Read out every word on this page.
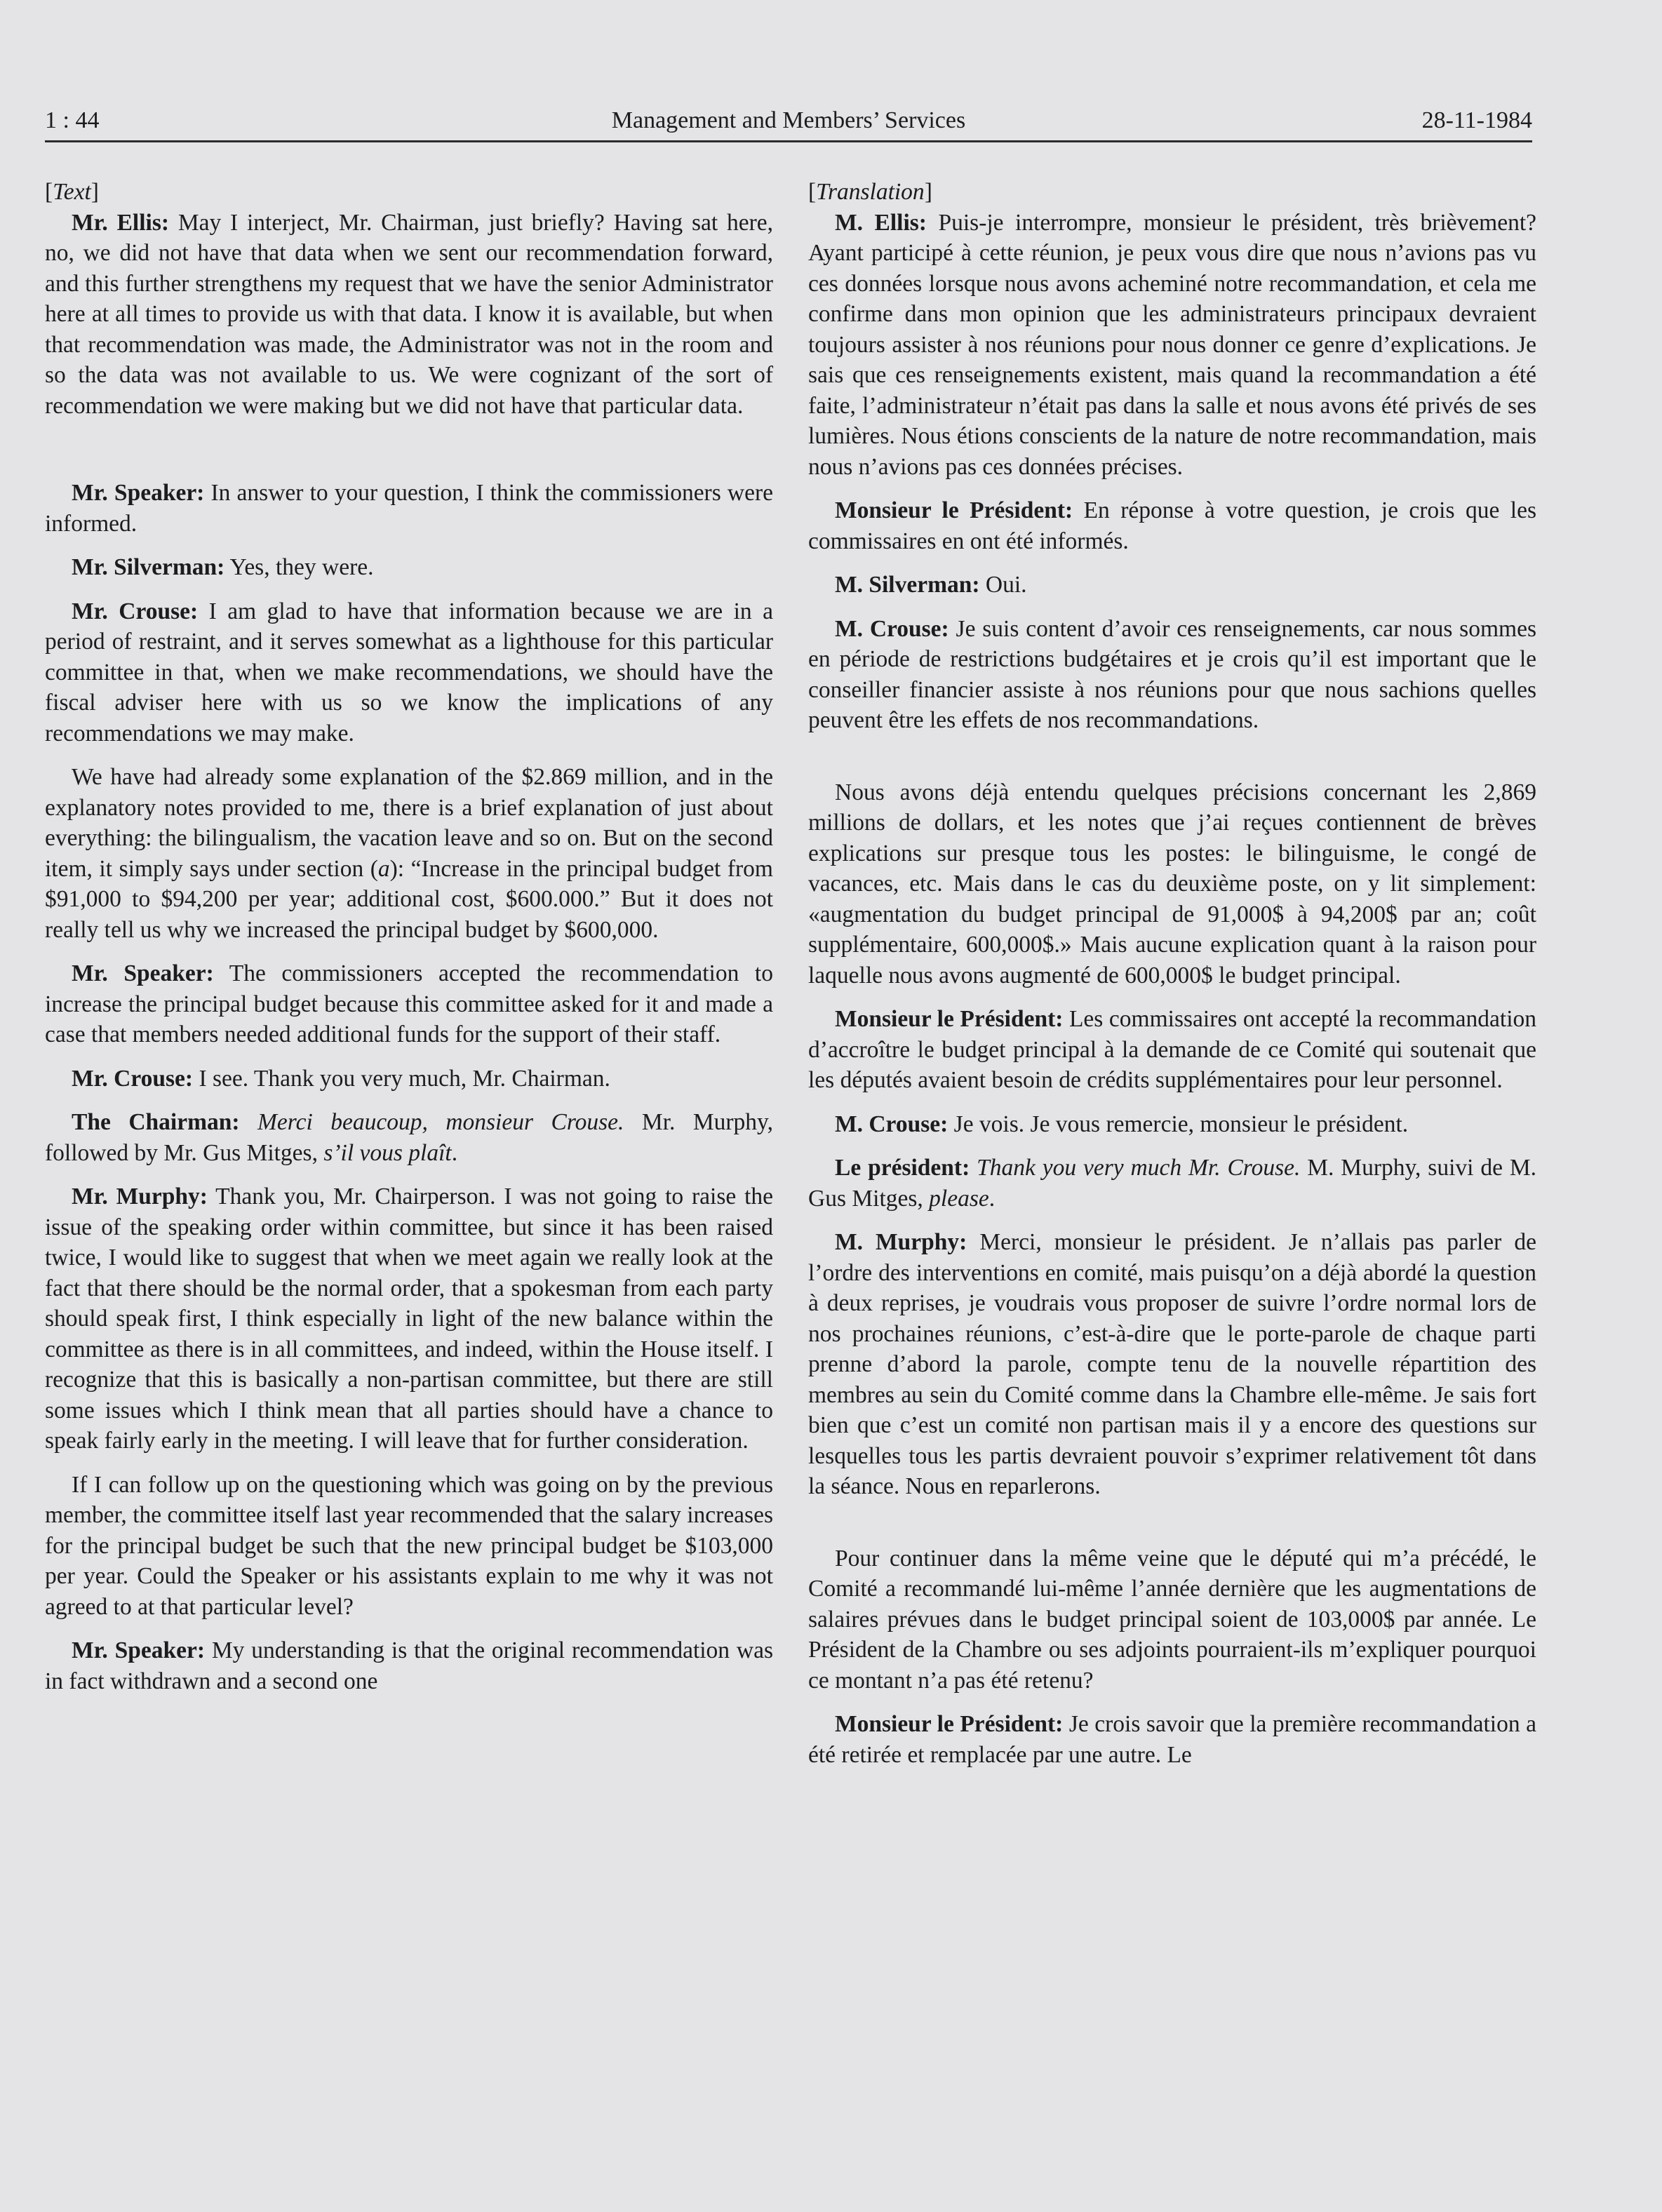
1 : 44	Management and Members’ Services	28-11-1984

[Text]

Mr. Ellis: May I interject, Mr. Chairman, just briefly? Having sat here, no, we did not have that data when we sent our recommendation forward, and this further strengthens my request that we have the senior Administrator here at all times to provide us with that data. I know it is available, but when that recommendation was made, the Administrator was not in the room and so the data was not available to us. We were cognizant of the sort of recommendation we were making but we did not have that particular data.

Mr. Speaker: In answer to your question, I think the commissioners were informed.

Mr. Silverman: Yes, they were.

Mr. Crouse: I am glad to have that information because we are in a period of restraint, and it serves somewhat as a lighthouse for this particular committee in that, when we make recommendations, we should have the fiscal adviser here with us so we know the implications of any recommendations we may make.

We have had already some explanation of the $2.869 million, and in the explanatory notes provided to me, there is a brief explanation of just about everything: the bilingualism, the vacation leave and so on. But on the second item, it simply says under section (a): “Increase in the principal budget from $91,000 to $94,200 per year; additional cost, $600.000.” But it does not really tell us why we increased the principal budget by $600,000.

Mr. Speaker: The commissioners accepted the recommendation to increase the principal budget because this committee asked for it and made a case that members needed additional funds for the support of their staff.

Mr. Crouse: I see. Thank you very much, Mr. Chairman.

The Chairman: Merci beaucoup, monsieur Crouse. Mr. Murphy, followed by Mr. Gus Mitges, s’il vous plaît.

Mr. Murphy: Thank you, Mr. Chairperson. I was not going to raise the issue of the speaking order within committee, but since it has been raised twice, I would like to suggest that when we meet again we really look at the fact that there should be the normal order, that a spokesman from each party should speak first, I think especially in light of the new balance within the committee as there is in all committees, and indeed, within the House itself. I recognize that this is basically a non-partisan committee, but there are still some issues which I think mean that all parties should have a chance to speak fairly early in the meeting. I will leave that for further consideration.

If I can follow up on the questioning which was going on by the previous member, the committee itself last year recommended that the salary increases for the principal budget be such that the new principal budget be $103,000 per year. Could the Speaker or his assistants explain to me why it was not agreed to at that particular level?

Mr. Speaker: My understanding is that the original recommendation was in fact withdrawn and a second one

[Translation]

M. Ellis: Puis-je interrompre, monsieur le président, très brièvement? Ayant participé à cette réunion, je peux vous dire que nous n’avions pas vu ces données lorsque nous avons acheminé notre recommandation, et cela me confirme dans mon opinion que les administrateurs principaux devraient toujours assister à nos réunions pour nous donner ce genre d’explications. Je sais que ces renseignements existent, mais quand la recommandation a été faite, l’administrateur n’était pas dans la salle et nous avons été privés de ses lumières. Nous étions conscients de la nature de notre recommandation, mais nous n’avions pas ces données précises.

Monsieur le Président: En réponse à votre question, je crois que les commissaires en ont été informés.

M. Silverman: Oui.

M. Crouse: Je suis content d’avoir ces renseignements, car nous sommes en période de restrictions budgétaires et je crois qu’il est important que le conseiller financier assiste à nos réunions pour que nous sachions quelles peuvent être les effets de nos recommandations.

Nous avons déjà entendu quelques précisions concernant les 2,869 millions de dollars, et les notes que j’ai reçues contiennent de brèves explications sur presque tous les postes: le bilinguisme, le congé de vacances, etc. Mais dans le cas du deuxième poste, on y lit simplement: «augmentation du budget principal de 91,000$ à 94,200$ par an; coût supplémentaire, 600,000$.» Mais aucune explication quant à la raison pour laquelle nous avons augmenté de 600,000$ le budget principal.

Monsieur le Président: Les commissaires ont accepté la recommandation d’accroître le budget principal à la demande de ce Comité qui soutenait que les députés avaient besoin de crédits supplémentaires pour leur personnel.

M. Crouse: Je vois. Je vous remercie, monsieur le président.

Le président: Thank you very much Mr. Crouse. M. Murphy, suivi de M. Gus Mitges, please.

M. Murphy: Merci, monsieur le président. Je n’allais pas parler de l’ordre des interventions en comité, mais puisqu’on a déjà abordé la question à deux reprises, je voudrais vous proposer de suivre l’ordre normal lors de nos prochaines réunions, c’est-à-dire que le porte-parole de chaque parti prenne d’abord la parole, compte tenu de la nouvelle répartition des membres au sein du Comité comme dans la Chambre elle-même. Je sais fort bien que c’est un comité non partisan mais il y a encore des questions sur lesquelles tous les partis devraient pouvoir s’exprimer relativement tôt dans la séance. Nous en reparlerons.

Pour continuer dans la même veine que le député qui m’a précédé, le Comité a recommandé lui-même l’année dernière que les augmentations de salaires prévues dans le budget principal soient de 103,000$ par année. Le Président de la Chambre ou ses adjoints pourraient-ils m’expliquer pourquoi ce montant n’a pas été retenu?

Monsieur le Président: Je crois savoir que la première recommandation a été retirée et remplacée par une autre. Le
